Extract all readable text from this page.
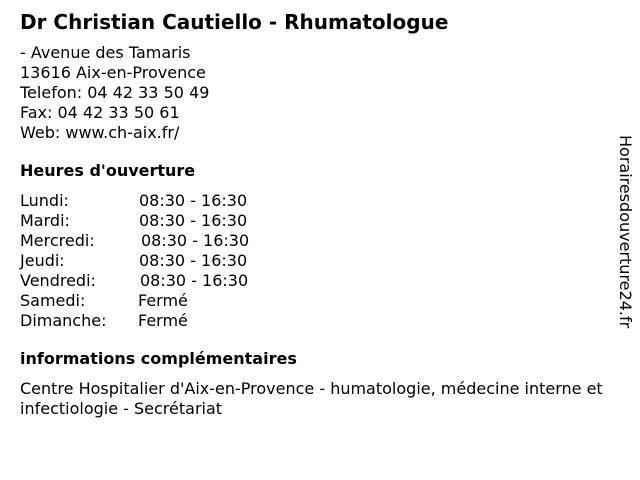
Dr Christian Cautiello - Rhumatologue
- Avenue des Tamaris
13616 Aix-en-Provence
Telefon: 04 42 33 50 49
Fax: 04 42 33 50 61
Web: www.ch-aix.fr/
Heures d'ouverture
Lundi:	08:30 - 16:30
Mardi:	08:30 - 16:30
Mercredi:	08:30 - 16:30
Jeudi:	08:30 - 16:30
Vendredi:	08:30 - 16:30
Samedi:	Fermé
Dimanche: Fermé
informations complémentaires
Centre Hospitalier d'Aix-en-Provence - humatologie, médecine interne et infectiologie - Secrétariat
Horairesdouverture24.fr
